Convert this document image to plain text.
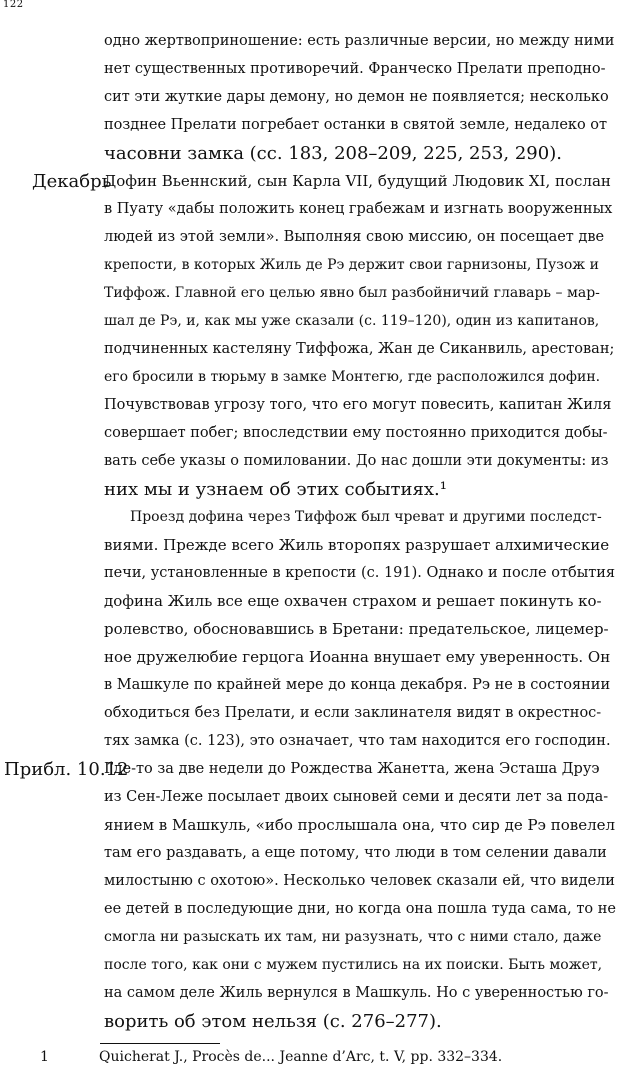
122
одно жертвоприношение: есть различные версии, но между ними
нет существенных противоречий. Франческо Прелати преподно-
сит эти жуткие дары демону, но демон не появляется; несколько
позднее Прелати погребает останки в святой земле, недалеко от
часовни замка (сс. 183, 208–209, 225, 253, 290).
Декабрь
Дофин Вьеннский, сын Карла VII, будущий Людовик XI, послан
в Пуату «дабы положить конец грабежам и изгнать вооруженных
людей из этой земли». Выполняя свою миссию, он посещает две
крепости, в которых Жиль де Рэ держит свои гарнизоны, Пузож и
Тиффож. Главной его целью явно был разбойничий главарь – мар-
шал де Рэ, и, как мы уже сказали (с. 119–120), один из капитанов,
подчиненных кастеляну Тиффожа, Жан де Сиканвиль, арестован;
его бросили в тюрьму в замке Монтегю, где расположился дофин.
Почувствовав угрозу того, что его могут повесить, капитан Жиля
совершает побег; впоследствии ему постоянно приходится добы-
вать себе указы о помиловании. До нас дошли эти документы: из
них мы и узнаем об этих событиях.¹
Проезд дофина через Тиффож был чреват и другими последст-
виями. Прежде всего Жиль второпях разрушает алхимические
печи, установленные в крепости (с. 191). Однако и после отбытия
дофина Жиль все еще охвачен страхом и решает покинуть ко-
ролевство, обосновавшись в Бретани: предательское, лицемер-
ное дружелюбие герцога Иоанна внушает ему уверенность. Он
в Машкуле по крайней мере до конца декабря. Рэ не в состоянии
обходиться без Прелати, и если заклинателя видят в окрестнос-
тях замка (с. 123), это означает, что там находится его господин.
Прибл. 10.12
Где-то за две недели до Рождества Жанетта, жена Эсташа Друэ
из Сен-Леже посылает двоих сыновей семи и десяти лет за пода-
янием в Машкуль, «ибо прослышала она, что сир де Рэ повелел
там его раздавать, а еще потому, что люди в том селении давали
милостыню с охотою». Несколько человек сказали ей, что видели
ее детей в последующие дни, но когда она пошла туда сама, то не
смогла ни разыскать их там, ни разузнать, что с ними стало, даже
после того, как они с мужем пустились на их поиски. Быть может,
на самом деле Жиль вернулся в Машкуль. Но с уверенностью го-
ворить об этом нельзя (с. 276–277).
1	Quicherat J., Procès de... Jeanne d’Arc, t. V, pp. 332–334.
